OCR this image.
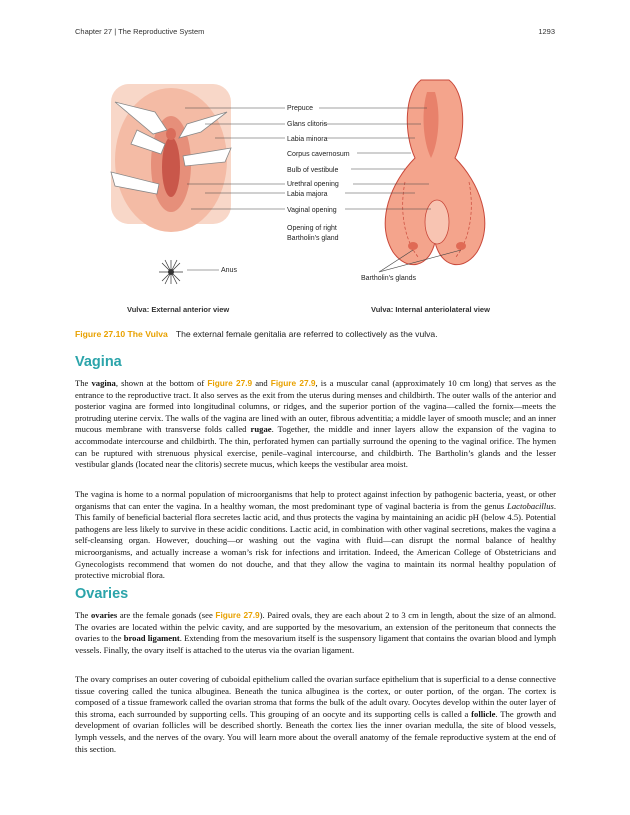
Chapter 27 | The Reproductive System	1293
Prepuce
Glans clitoris
Labia minora
Corpus cavernosum
Bulb of vestibule
Urethral opening
Labia majora
Vaginal opening
Opening of right
Bartholin's gland
Anus
Bartholin's glands
Vulva: External anterior view	Vulva: Internal anteriolateral view
Figure 27.10 The Vulva The external female genitalia are referred to collectively as the vulva.
Vagina

The vagina, shown at the bottom of Figure 27.9 and Figure 27.9, is a muscular canal (approximately 10 cm long) that serves as the entrance to the reproductive tract. It also serves as the exit from the uterus during menses and childbirth. The outer walls of the anterior and posterior vagina are formed into longitudinal columns, or ridges, and the superior portion of the vagina—called the fornix—meets the protruding uterine cervix. The walls of the vagina are lined with an outer, fibrous adventitia; a middle layer of smooth muscle; and an inner mucous membrane with transverse folds called rugae. Together, the middle and inner layers allow the expansion of the vagina to accommodate intercourse and childbirth. The thin, perforated hymen can partially surround the opening to the vaginal orifice. The hymen can be ruptured with strenuous physical exercise, penile–vaginal intercourse, and childbirth. The Bartholin’s glands and the lesser vestibular glands (located near the clitoris) secrete mucus, which keeps the vestibular area moist.

The vagina is home to a normal population of microorganisms that help to protect against infection by pathogenic bacteria, yeast, or other organisms that can enter the vagina. In a healthy woman, the most predominant type of vaginal bacteria is from the genus Lactobacillus. This family of beneficial bacterial flora secretes lactic acid, and thus protects the vagina by maintaining an acidic pH (below 4.5). Potential pathogens are less likely to survive in these acidic conditions. Lactic acid, in combination with other vaginal secretions, makes the vagina a self-cleansing organ. However, douching—or washing out the vagina with fluid—can disrupt the normal balance of healthy microorganisms, and actually increase a woman’s risk for infections and irritation. Indeed, the American College of Obstetricians and Gynecologists recommend that women do not douche, and that they allow the vagina to maintain its normal healthy population of protective microbial flora.

Ovaries

The ovaries are the female gonads (see Figure 27.9). Paired ovals, they are each about 2 to 3 cm in length, about the size of an almond. The ovaries are located within the pelvic cavity, and are supported by the mesovarium, an extension of the peritoneum that connects the ovaries to the broad ligament. Extending from the mesovarium itself is the suspensory ligament that contains the ovarian blood and lymph vessels. Finally, the ovary itself is attached to the uterus via the ovarian ligament.

The ovary comprises an outer covering of cuboidal epithelium called the ovarian surface epithelium that is superficial to a dense connective tissue covering called the tunica albuginea. Beneath the tunica albuginea is the cortex, or outer portion, of the organ. The cortex is composed of a tissue framework called the ovarian stroma that forms the bulk of the adult ovary. Oocytes develop within the outer layer of this stroma, each surrounded by supporting cells. This grouping of an oocyte and its supporting cells is called a follicle. The growth and development of ovarian follicles will be described shortly. Beneath the cortex lies the inner ovarian medulla, the site of blood vessels, lymph vessels, and the nerves of the ovary. You will learn more about the overall anatomy of the female reproductive system at the end of this section.
